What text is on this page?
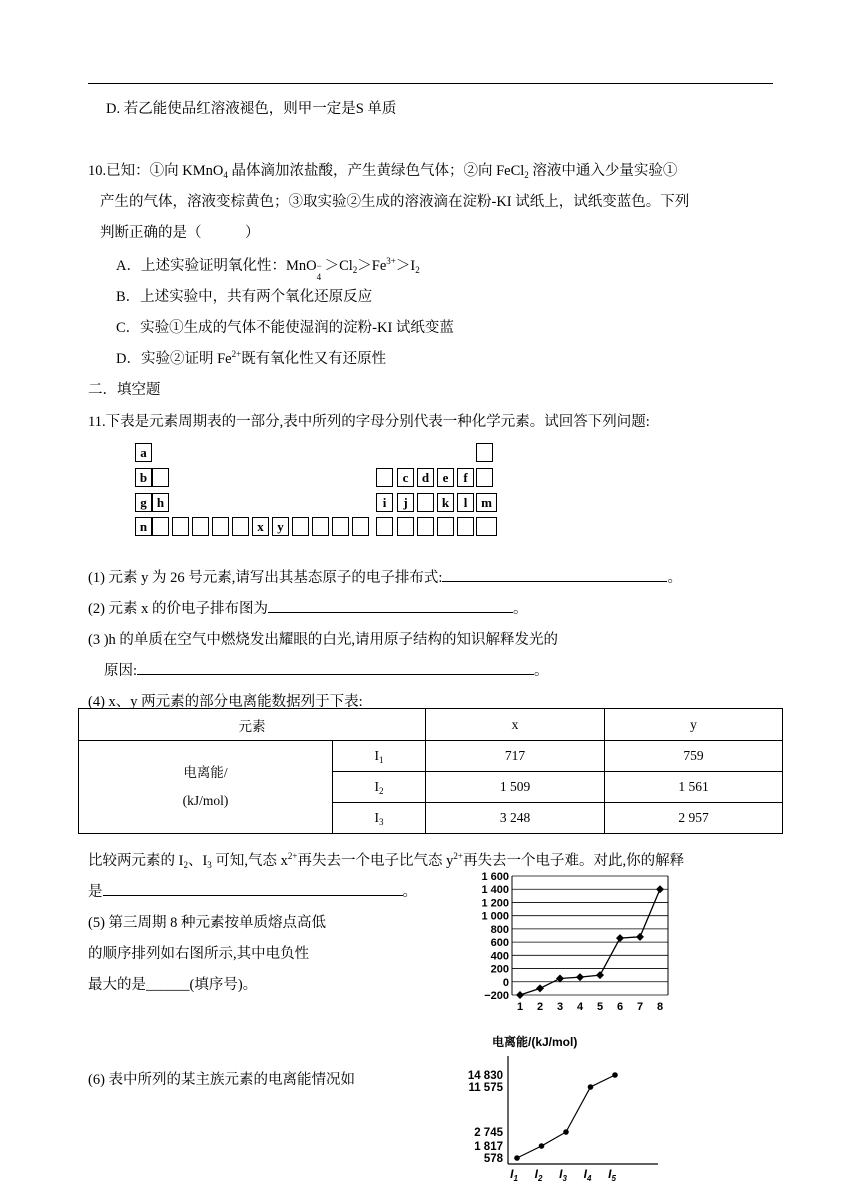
D. 若乙能使品红溶液褪色，则甲一定是S 单质
10.已知：①向 KMnO$_4$ 晶体滴加浓盐酸，产生黄绿色气体；②向 FeCl$_2$ 溶液中通入少量实验①
产生的气体，溶液变棕黄色；③取实验②生成的溶液滴在淀粉-KI 试纸上，试纸变蓝色。下列
判断正确的是（　　　）
A．上述实验证明氧化性：MnO −
4
$>Cl_2>Fe^{3+}>I_2$
B．上述实验中，共有两个氧化还原反应
C．实验①生成的气体不能使湿润的淀粉-KI 试纸变蓝
D．实验②证明 $Fe^{2+}$既有氧化性又有还原性
二．填空题
11.下表是元素周期表的一部分,表中所列的字母分别代表一种化学元素。试回答下列问题:
a
b	c	d	e	f
g h	i	j	k	l	m
n	x	y
(1) 元素 y 为 26 号元素,请写出其基态原子的电子排布式:	。
(2) 元素 x 的价电子排布图为	。
(3 )h 的单质在空气中燃烧发出耀眼的白光,请用原子结构的知识解释发光的
原因:	。
(4) x、y 两元素的部分电离能数据列于下表:
元素		x	y

电离能/
(kJ/mol)	$I_1$	717	759
	$I_2$	1 509	1 561
	$I_3$	3 248	2 957
比较两元素的 $I_2$、$I_3$ 可知,气态 $x^{2+}$再失去一个电子比气态 $y^{2+}$再失去一个电子难。对此,你的解释
是	。
(5) 第三周期 8 种元素按单质熔点高低
的顺序排列如右图所示,其中电负性
最大的是______(填序号)。
(6) 表中所列的某主族元素的电离能情况如
1 600
1 400
1 200
1 000
800
600
400
200
0
−200
1 2 3 4 5 6 7 8
电离能/(kJ/mol)
14 830
11 575
2 745
1 817
578
$I_1$ $I_2$ $I_3$ $I_4$ $I_5$
